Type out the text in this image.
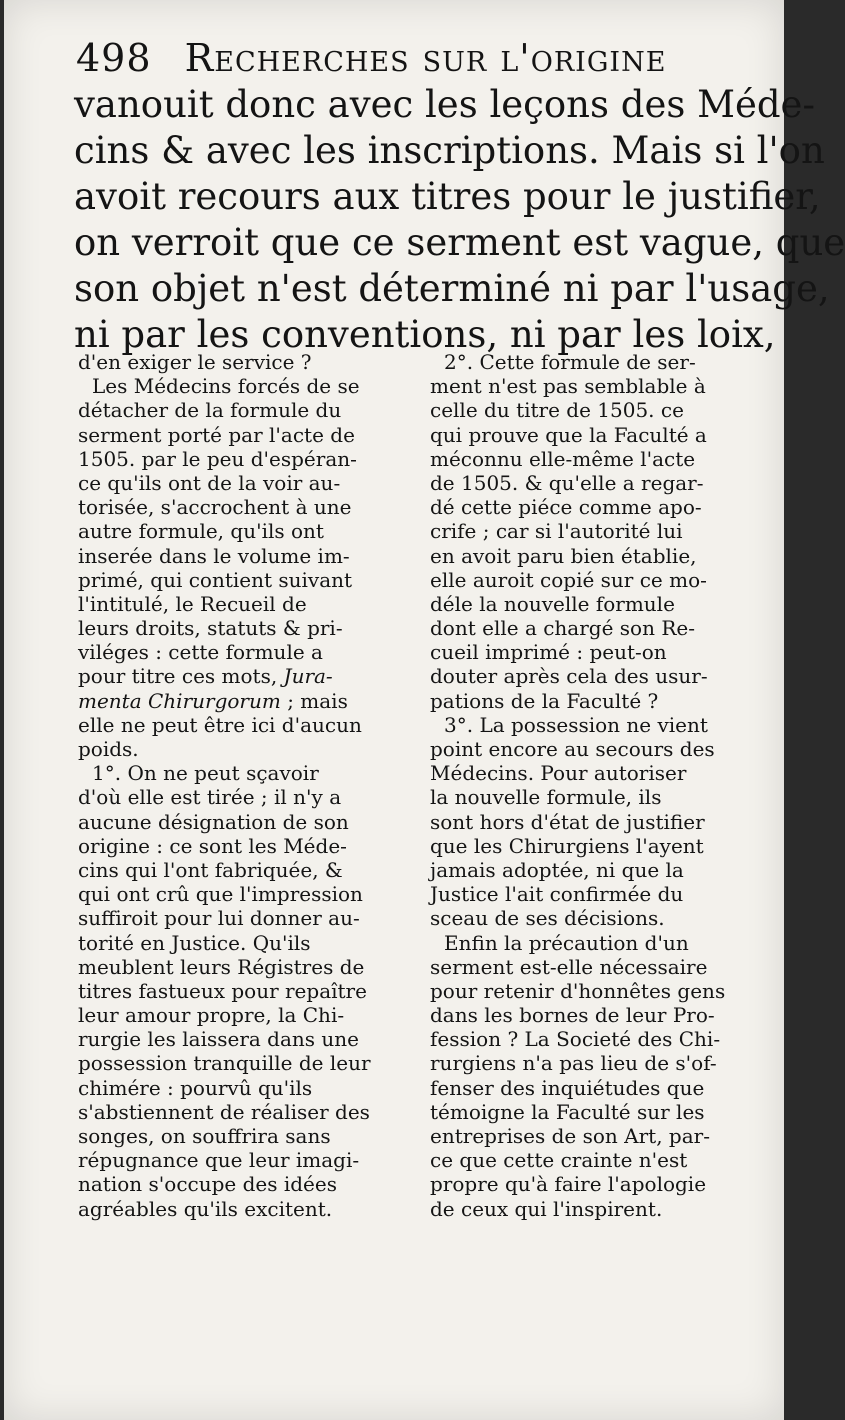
498 Recherches sur l'origine
vanouit donc avec les leçons des Méde-
cins & avec les inscriptions. Mais si l'on
avoit recours aux titres pour le justifier,
on verroit que ce serment est vague, que
son objet n'est déterminé ni par l'usage,
ni par les conventions, ni par les loix,
d'en exiger le service ?
Les Médecins forcés de se
détacher de la formule du
serment porté par l'acte de
1505. par le peu d'espéran-
ce qu'ils ont de la voir au-
torisée, s'accrochent à une
autre formule, qu'ils ont
inserée dans le volume im-
primé, qui contient suivant
l'intitulé, le Recueil de
leurs droits, statuts & pri-
viléges : cette formule a
pour titre ces mots, Jura-
menta Chirurgorum ; mais
elle ne peut être ici d'aucun
poids.
1°. On ne peut sçavoir
d'où elle est tirée ; il n'y a
aucune désignation de son
origine : ce sont les Méde-
cins qui l'ont fabriquée, &
qui ont crû que l'impression
suffiroit pour lui donner au-
torité en Justice. Qu'ils
meublent leurs Régistres de
titres fastueux pour repaître
leur amour propre, la Chi-
rurgie les laissera dans une
possession tranquille de leur
chimére : pourvû qu'ils
s'abstiennent de réaliser des
songes, on souffrira sans
répugnance que leur imagi-
nation s'occupe des idées
agréables qu'ils excitent.
2°. Cette formule de ser-
ment n'est pas semblable à
celle du titre de 1505. ce
qui prouve que la Faculté a
méconnu elle-même l'acte
de 1505. & qu'elle a regar-
dé cette piéce comme apo-
crife ; car si l'autorité lui
en avoit paru bien établie,
elle auroit copié sur ce mo-
déle la nouvelle formule
dont elle a chargé son Re-
cueil imprimé : peut-on
douter après cela des usur-
pations de la Faculté ?
3°. La possession ne vient
point encore au secours des
Médecins. Pour autoriser
la nouvelle formule, ils
sont hors d'état de justifier
que les Chirurgiens l'ayent
jamais adoptée, ni que la
Justice l'ait confirmée du
sceau de ses décisions.
Enfin la précaution d'un
serment est-elle nécessaire
pour retenir d'honnêtes gens
dans les bornes de leur Pro-
fession ? La Societé des Chi-
rurgiens n'a pas lieu de s'of-
fenser des inquiétudes que
témoigne la Faculté sur les
entreprises de son Art, par-
ce que cette crainte n'est
propre qu'à faire l'apologie
de ceux qui l'inspirent.
